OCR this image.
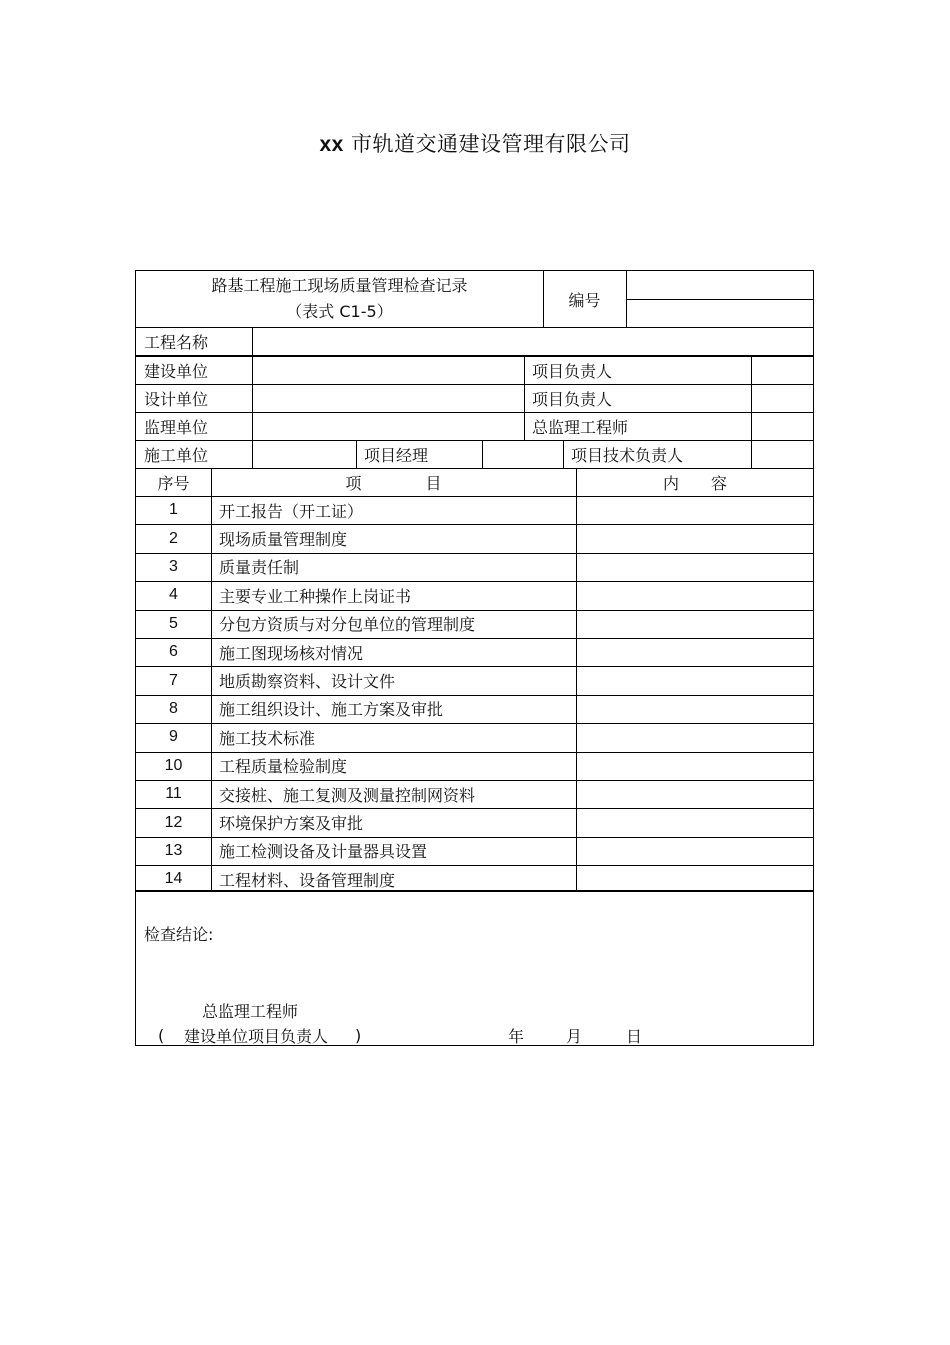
xx 市轨道交通建设管理有限公司
路基工程施工现场质量管理检查记录
（表式 C1-5）
编号
工程名称
建设单位	项目负责人
设计单位	项目负责人
监理单位	总监理工程师
施工单位	项目经理	项目技术负责人
序号	项　　　　目	内　　容
1	开工报告（开工证）
2	现场质量管理制度
3	质量责任制
4	主要专业工种操作上岗证书
5	分包方资质与对分包单位的管理制度
6	施工图现场核对情况
7	地质勘察资料、设计文件
8	施工组织设计、施工方案及审批
9	施工技术标准
10	工程质量检验制度
11	交接桩、施工复测及测量控制网资料
12	环境保护方案及审批
13	施工检测设备及计量器具设置
14	工程材料、设备管理制度
检查结论:
总监理工程师
( 建设单位项目负责人 )	年	月	日
